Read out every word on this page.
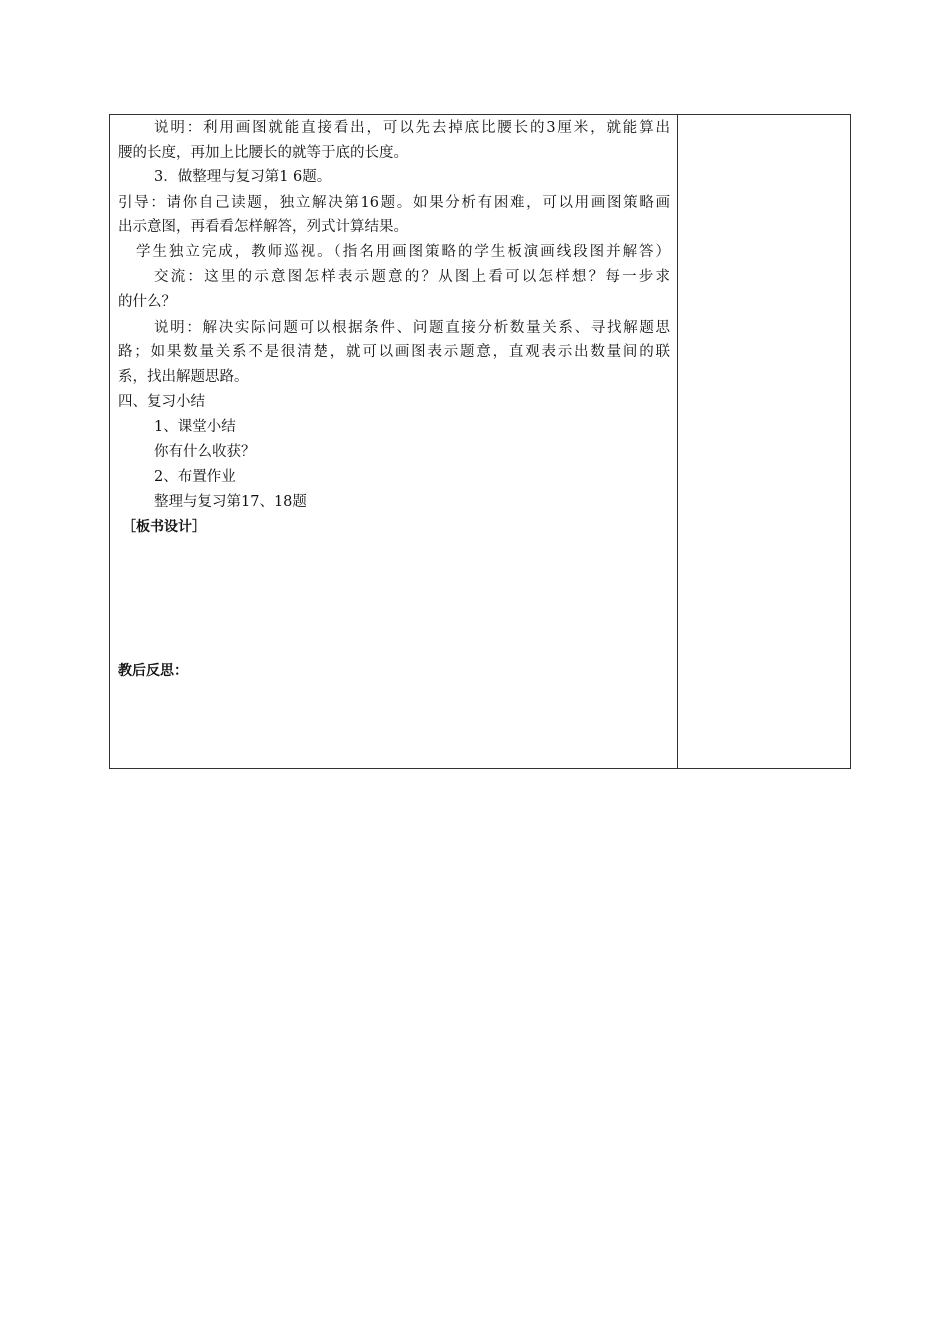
说明：利用画图就能直接看出，可以先去掉底比腰长的3厘米，就能算出
腰的长度，再加上比腰长的就等于底的长度。
3．做整理与复习第1 6题。
引导：请你自己读题，独立解决第16题。如果分析有困难，可以用画图策略画
出示意图，再看看怎样解答，列式计算结果。
学生独立完成，教师巡视。（指名用画图策略的学生板演画线段图并解答）
交流：这里的示意图怎样表示题意的？从图上看可以怎样想？每一步求
的什么？
说明：解决实际问题可以根据条件、问题直接分析数量关系、寻找解题思
路；如果数量关系不是很清楚，就可以画图表示题意，直观表示出数量间的联
系，找出解题思路。
四、复习小结
1、课堂小结
你有什么收获？
2、布置作业
整理与复习第17、18题
［板书设计］
教后反思：
